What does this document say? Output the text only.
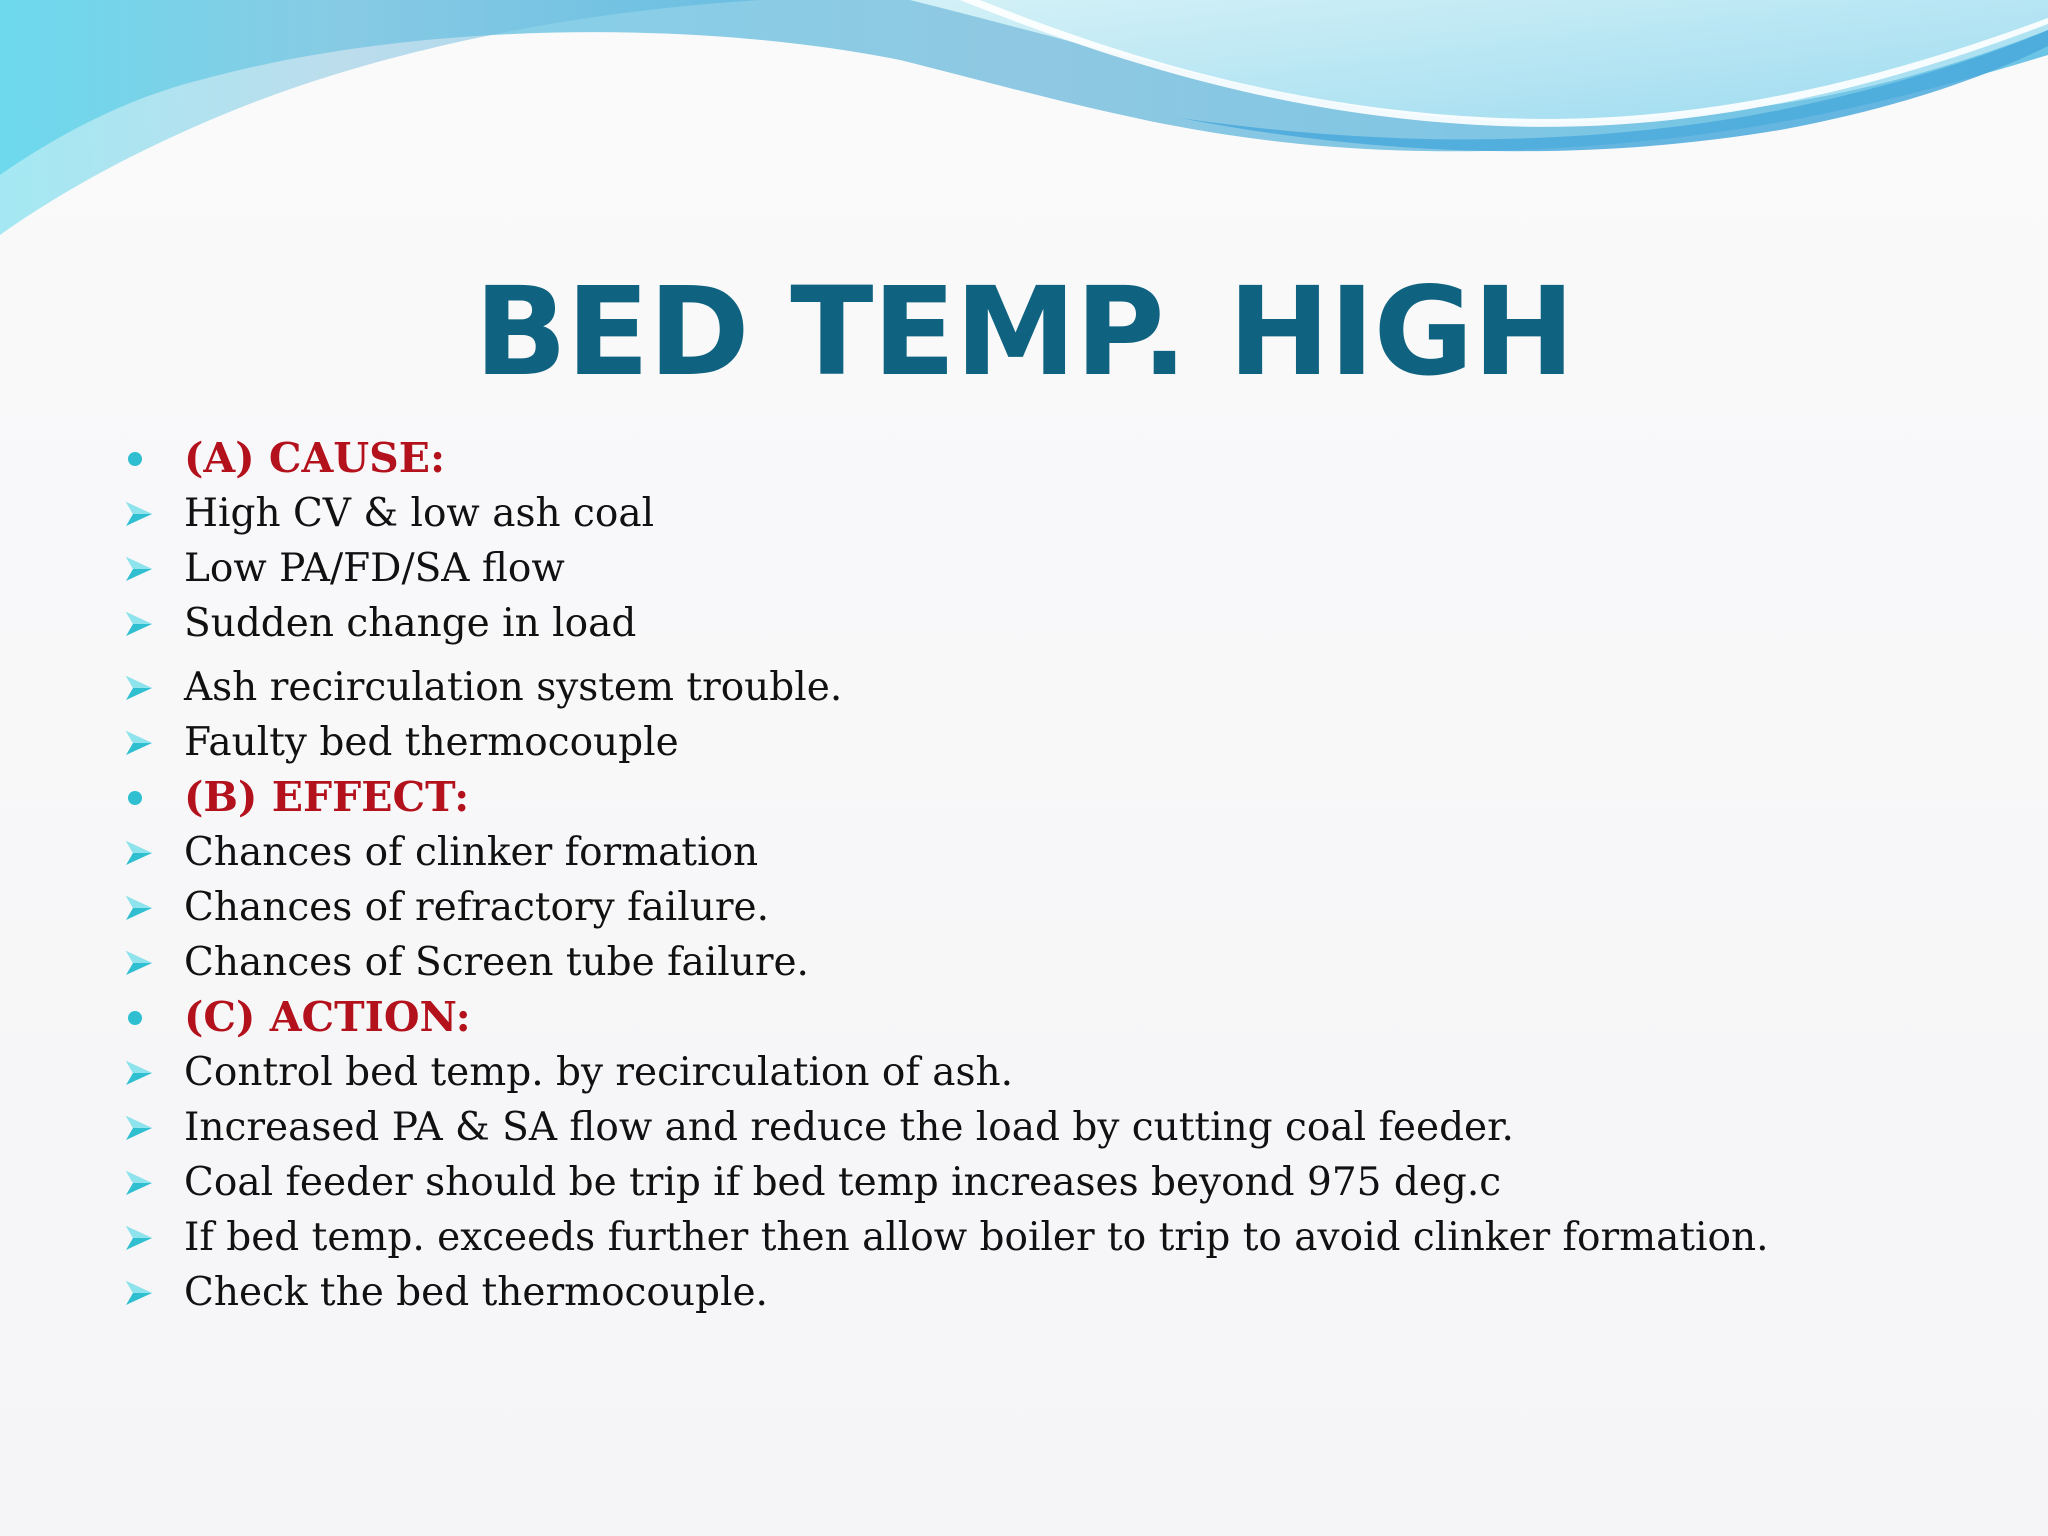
BED TEMP. HIGH
(A) CAUSE:
High CV & low ash coal
Low PA/FD/SA flow
Sudden change in load
Ash recirculation system trouble.
Faulty bed thermocouple
(B) EFFECT:
Chances of clinker formation
Chances of refractory failure.
Chances of Screen tube failure.
(C) ACTION:
Control bed temp. by recirculation of ash.
Increased PA & SA flow and reduce the load by cutting coal feeder.
Coal feeder should be trip if bed temp increases beyond 975 deg.c
If bed temp. exceeds further then allow boiler to trip to avoid clinker formation.
Check the bed thermocouple.
